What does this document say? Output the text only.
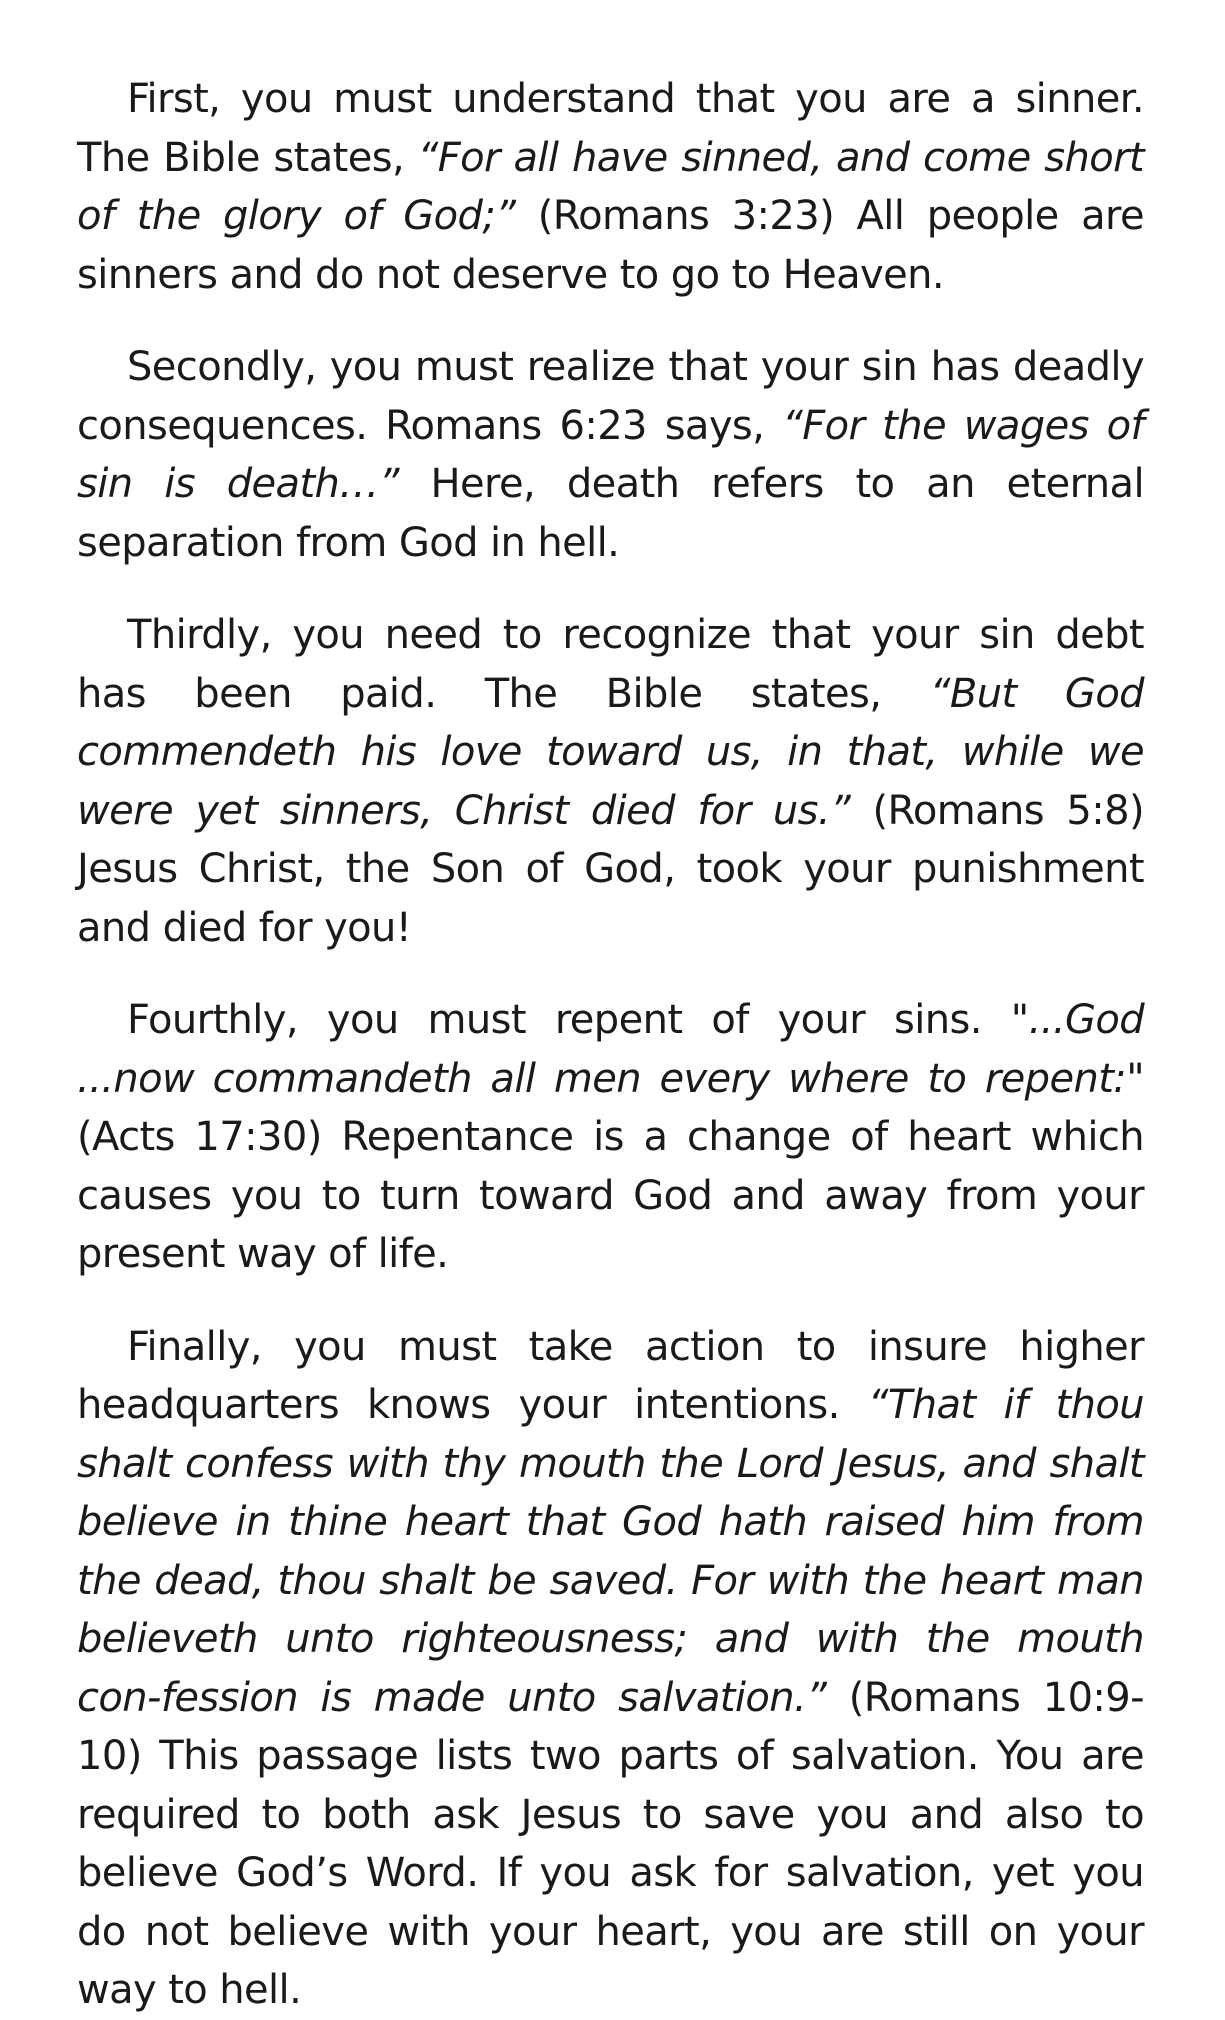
First, you must understand that you are a sinner. The Bible states, “For all have sinned, and come short of the glory of God;” (Romans 3:23) All people are sinners and do not deserve to go to Heaven.

Secondly, you must realize that your sin has deadly consequences. Romans 6:23 says, “For the wages of sin is death…” Here, death refers to an eternal separation from God in hell.

Thirdly, you need to recognize that your sin debt has been paid. The Bible states, “But God commendeth his love toward us, in that, while we were yet sinners, Christ died for us.” (Romans 5:8) Jesus Christ, the Son of God, took your punishment and died for you!

Fourthly, you must repent of your sins. "...God ...now commandeth all men every where to repent:" (Acts 17:30) Repentance is a change of heart which causes you to turn toward God and away from your present way of life.

Finally, you must take action to insure higher headquarters knows your intentions. “That if thou shalt confess with thy mouth the Lord Jesus, and shalt believe in thine heart that God hath raised him from the dead, thou shalt be saved. For with the heart man believeth unto righteousness; and with the mouth con-fession is made unto salvation.” (Romans 10:9-10) This passage lists two parts of salvation. You are required to both ask Jesus to save you and also to believe God’s Word. If you ask for salvation, yet you do not believe with your heart, you are still on your way to hell.
